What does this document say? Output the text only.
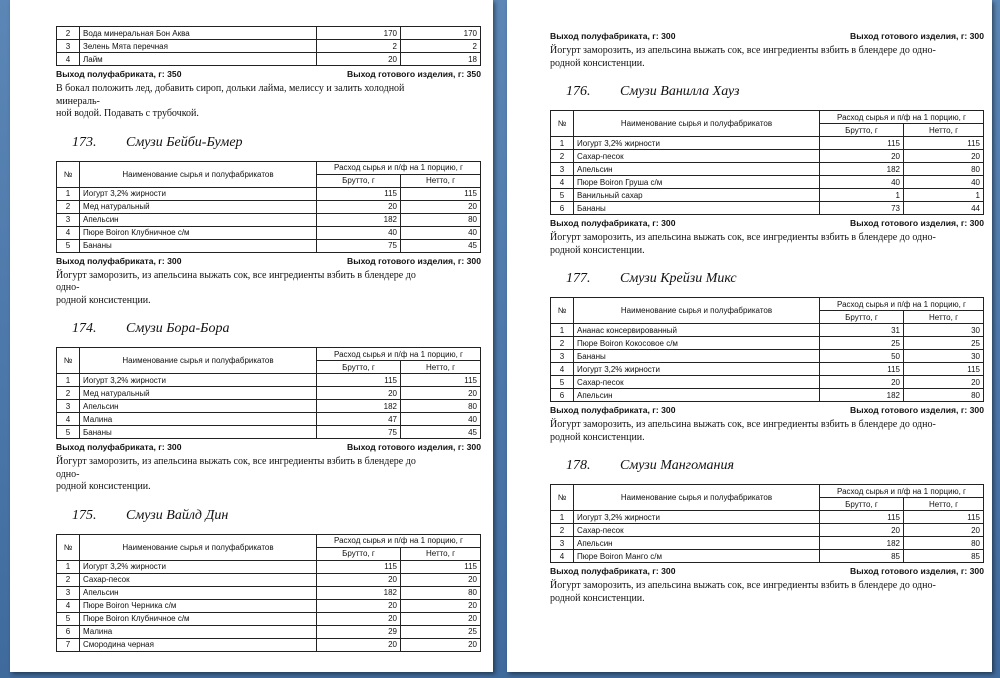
2	Вода минеральная Бон Аква	170	170
3	Зелень Мята перечная	2	2
4	Лайм	20	18
Выход полуфабриката, г: 350	Выход готового изделия, г: 350
В бокал положить лед, добавить сироп, дольки лайма, мелиссу и залить холодной минераль-
ной водой. Подавать с трубочкой.
173. Смузи Бейби-Бумер
№	Наименование сырья и полуфабрикатов	Расход сырья и п/ф на 1 порцию, г	
		Брутто, г	Нетто, г
1	Иогурт 3,2% жирности	115	115
2	Мед натуральный	20	20
3	Апельсин	182	80
4	Пюре Boiron Клубничное с/м	40	40
5	Бананы	75	45
Выход полуфабриката, г: 300	Выход готового изделия, г: 300
Йогурт заморозить, из апельсина выжать сок, все ингредиенты взбить в блендере до одно-
родной консистенции.
174. Смузи Бора-Бора
№	Наименование сырья и полуфабрикатов	Расход сырья и п/ф на 1 порцию, г	
		Брутто, г	Нетто, г
1	Иогурт 3,2% жирности	115	115
2	Мед натуральный	20	20
3	Апельсин	182	80
4	Малина	47	40
5	Бананы	75	45
Выход полуфабриката, г: 300	Выход готового изделия, г: 300
Йогурт заморозить, из апельсина выжать сок, все ингредиенты взбить в блендере до одно-
родной консистенции.
175. Смузи Вайлд Дин
№	Наименование сырья и полуфабрикатов	Расход сырья и п/ф на 1 порцию, г	
		Брутто, г	Нетто, г
1	Иогурт 3,2% жирности	115	115
2	Сахар-песок	20	20
3	Апельсин	182	80
4	Пюре Boiron Черника с/м	20	20
5	Пюре Boiron Клубничное с/м	20	20
6	Малина	29	25
7	Смородина черная	20	20
Выход полуфабриката, г: 300	Выход готового изделия, г: 300
Йогурт заморозить, из апельсина выжать сок, все ингредиенты взбить в блендере до одно-
родной консистенции.
176. Смузи Ванилла Хауз
№	Наименование сырья и полуфабрикатов	Расход сырья и п/ф на 1 порцию, г	
		Брутто, г	Нетто, г
1	Иогурт 3,2% жирности	115	115
2	Сахар-песок	20	20
3	Апельсин	182	80
4	Пюре Boiron Груша с/м	40	40
5	Ванильный сахар	1	1
6	Бананы	73	44
Выход полуфабриката, г: 300	Выход готового изделия, г: 300
Йогурт заморозить, из апельсина выжать сок, все ингредиенты взбить в блендере до одно-
родной консистенции.
177. Смузи Крейзи Микс
№	Наименование сырья и полуфабрикатов	Расход сырья и п/ф на 1 порцию, г	
		Брутто, г	Нетто, г
1	Ананас консервированный	31	30
2	Пюре Boiron Кокосовое с/м	25	25
3	Бананы	50	30
4	Иогурт 3,2% жирности	115	115
5	Сахар-песок	20	20
6	Апельсин	182	80
Выход полуфабриката, г: 300	Выход готового изделия, г: 300
Йогурт заморозить, из апельсина выжать сок, все ингредиенты взбить в блендере до одно-
родной консистенции.
178. Смузи Мангомания
№	Наименование сырья и полуфабрикатов	Расход сырья и п/ф на 1 порцию, г	
		Брутто, г	Нетто, г
1	Иогурт 3,2% жирности	115	115
2	Сахар-песок	20	20
3	Апельсин	182	80
4	Пюре Boiron Манго с/м	85	85
Выход полуфабриката, г: 300	Выход готового изделия, г: 300
Йогурт заморозить, из апельсина выжать сок, все ингредиенты взбить в блендере до одно-
родной консистенции.
